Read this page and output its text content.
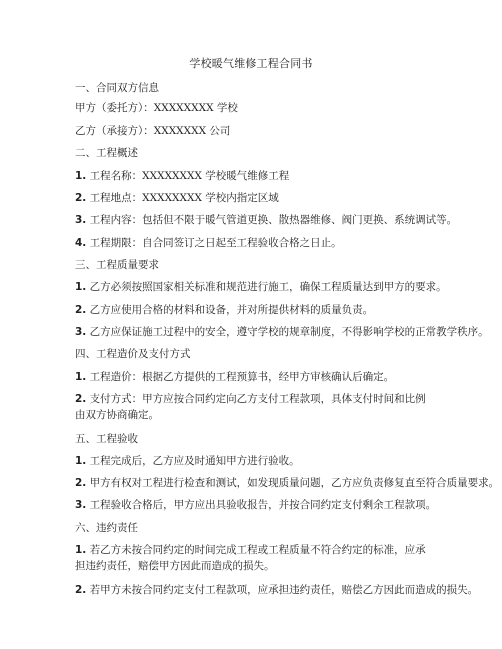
学校暖气维修工程合同书
一、合同双方信息
甲方（委托方）：XXXXXXXX 学校
乙方（承接方）：XXXXXXX 公司
二、工程概述
1. 工程名称：XXXXXXXX 学校暖气维修工程
2. 工程地点：XXXXXXXX 学校内指定区域
3. 工程内容：包括但不限于暖气管道更换、散热器维修、阀门更换、系统调试等。
4. 工程期限：自合同签订之日起至工程验收合格之日止。
三、工程质量要求
1. 乙方必须按照国家相关标准和规范进行施工，确保工程质量达到甲方的要求。
2. 乙方应使用合格的材料和设备，并对所提供材料的质量负责。
3. 乙方应保证施工过程中的安全，遵守学校的规章制度，不得影响学校的正常教学秩序。
四、工程造价及支付方式
1. 工程造价：根据乙方提供的工程预算书，经甲方审核确认后确定。
2. 支付方式：甲方应按合同约定向乙方支付工程款项，具体支付时间和比例由双方协商确定。
五、工程验收
1. 工程完成后，乙方应及时通知甲方进行验收。
2. 甲方有权对工程进行检查和测试，如发现质量问题，乙方应负责修复直至符合质量要求。
3. 工程验收合格后，甲方应出具验收报告，并按合同约定支付剩余工程款项。
六、违约责任
1. 若乙方未按合同约定的时间完成工程或工程质量不符合约定的标准，应承担违约责任，赔偿甲方因此而造成的损失。
2. 若甲方未按合同约定支付工程款项，应承担违约责任，赔偿乙方因此而造成的损失。
